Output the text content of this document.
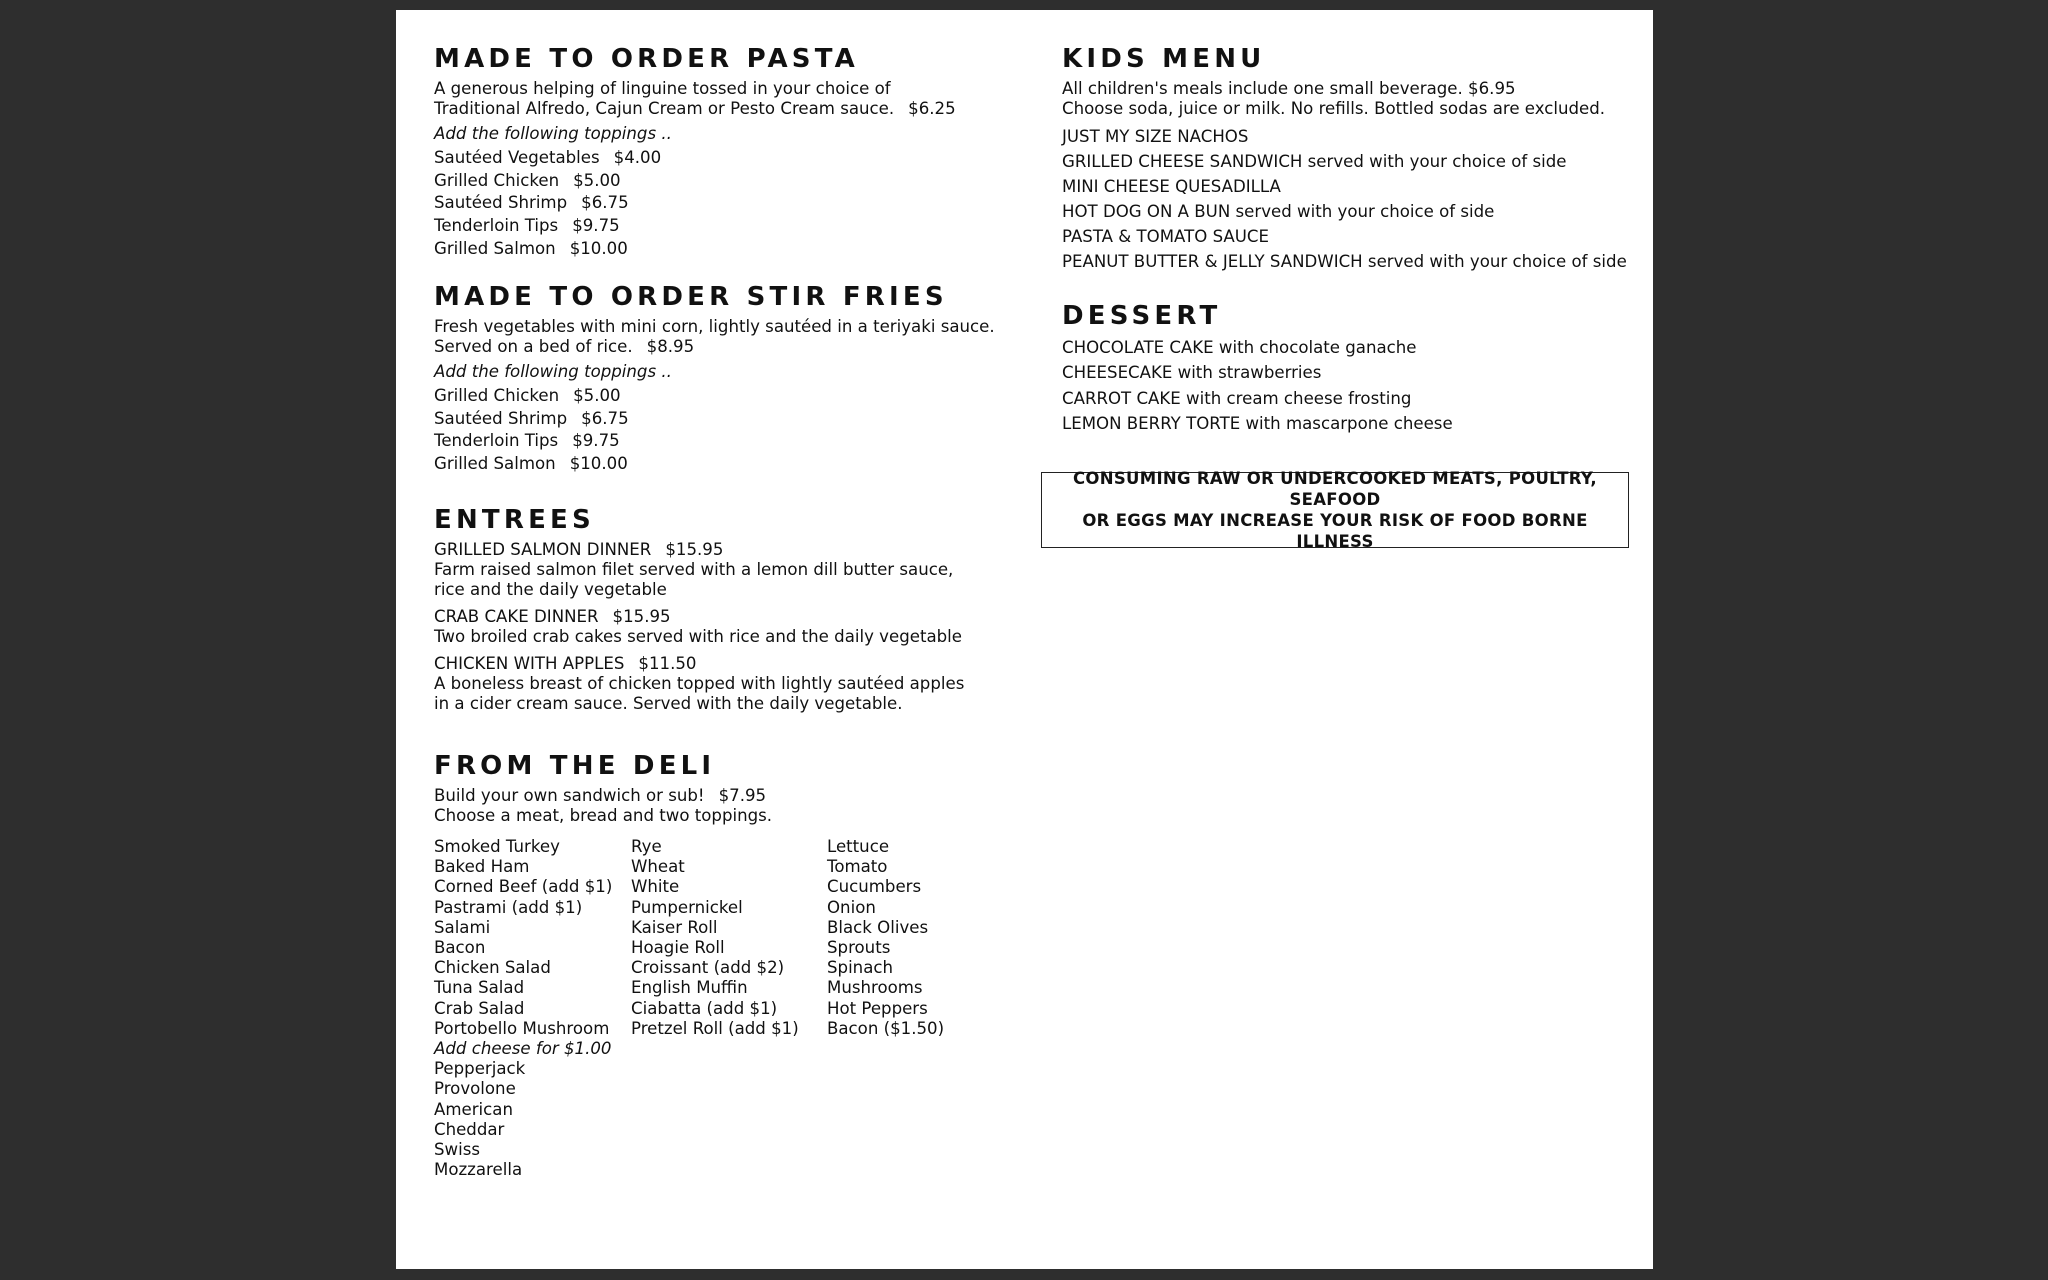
MADE TO ORDER PASTA

A generous helping of linguine tossed in your choice of

Traditional Alfredo, Cajun Cream or Pesto Cream sauce. $6.25

Add the following toppings ..

Sautéed Vegetables $4.00

Grilled Chicken $5.00

Sautéed Shrimp $6.75

Tenderloin Tips $9.75

Grilled Salmon $10.00

MADE TO ORDER STIR FRIES

Fresh vegetables with mini corn, lightly sautéed in a teriyaki sauce.

Served on a bed of rice. $8.95

Add the following toppings ..

Grilled Chicken $5.00

Sautéed Shrimp $6.75

Tenderloin Tips $9.75

Grilled Salmon $10.00

ENTREES

GRILLED SALMON DINNER $15.95

Farm raised salmon filet served with a lemon dill butter sauce,

rice and the daily vegetable

CRAB CAKE DINNER $15.95

Two broiled crab cakes served with rice and the daily vegetable

CHICKEN WITH APPLES $11.50

A boneless breast of chicken topped with lightly sautéed apples

in a cider cream sauce. Served with the daily vegetable.

FROM THE DELI

Build your own sandwich or sub! $7.95

Choose a meat, bread and two toppings.

Smoked Turkey

Baked Ham

Corned Beef (add $1)

Pastrami (add $1)

Salami

Bacon

Chicken Salad

Tuna Salad

Crab Salad

Portobello Mushroom

Rye

Wheat

White

Pumpernickel

Kaiser Roll

Hoagie Roll

Croissant (add $2)

English Muffin

Ciabatta (add $1)

Pretzel Roll (add $1)

Lettuce

Tomato

Cucumbers

Onion

Black Olives

Sprouts

Spinach

Mushrooms

Hot Peppers

Bacon ($1.50)

Add cheese for $1.00

Pepperjack

Provolone

American

Cheddar

Swiss

Mozzarella

KIDS MENU

All children's meals include one small beverage. $6.95

Choose soda, juice or milk. No refills. Bottled sodas are excluded.

JUST MY SIZE NACHOS

GRILLED CHEESE SANDWICH served with your choice of side

MINI CHEESE QUESADILLA

HOT DOG ON A BUN served with your choice of side

PASTA & TOMATO SAUCE

PEANUT BUTTER & JELLY SANDWICH served with your choice of side

DESSERT

CHOCOLATE CAKE with chocolate ganache

CHEESECAKE with strawberries

CARROT CAKE with cream cheese frosting

LEMON BERRY TORTE with mascarpone cheese

CONSUMING RAW OR UNDERCOOKED MEATS, POULTRY, SEAFOOD
OR EGGS MAY INCREASE YOUR RISK OF FOOD BORNE ILLNESS
